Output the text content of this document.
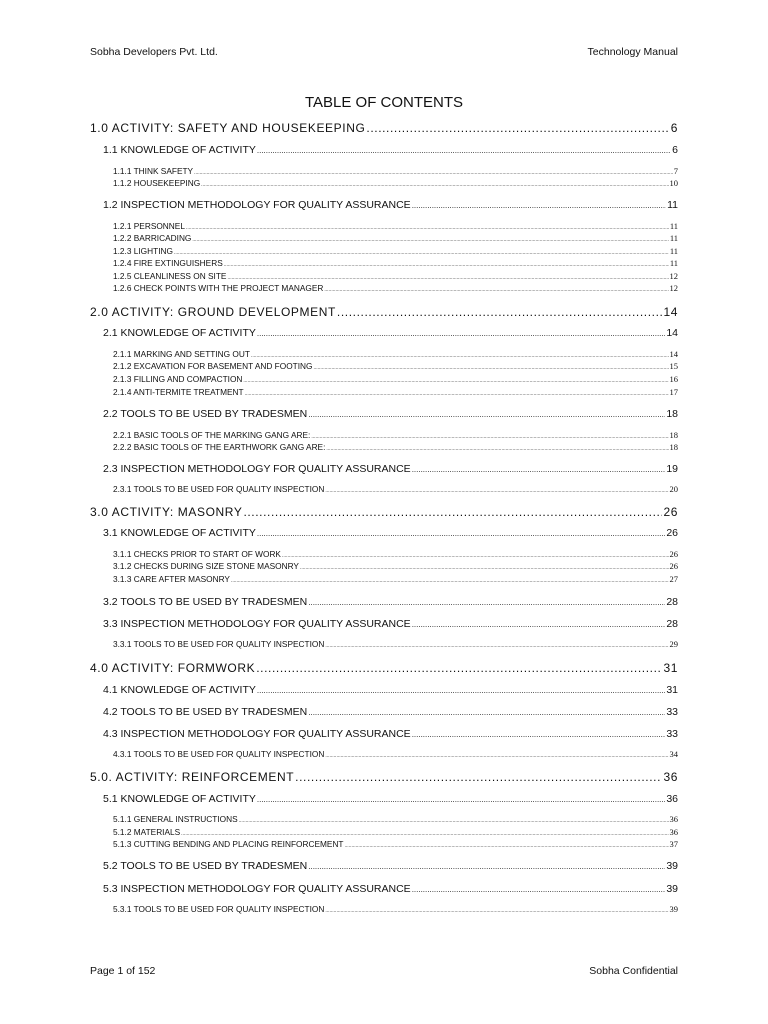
Sobha Developers Pvt. Ltd.	Technology Manual
TABLE OF CONTENTS
1.0 ACTIVITY: SAFETY AND HOUSEKEEPING .....	6
1.1 KNOWLEDGE OF ACTIVITY .....	6
1.1.1 THINK SAFETY .....	7
1.1.2 HOUSEKEEPING .....	10
1.2 INSPECTION METHODOLOGY FOR QUALITY ASSURANCE .....	11
1.2.1 PERSONNEL .....	11
1.2.2 BARRICADING .....	11
1.2.3 LIGHTING .....	11
1.2.4 FIRE EXTINGUISHERS .....	11
1.2.5 CLEANLINESS ON SITE .....	12
1.2.6 CHECK POINTS WITH THE PROJECT MANAGER .....	12
2.0 ACTIVITY: GROUND DEVELOPMENT .....	14
2.1 KNOWLEDGE OF ACTIVITY .....	14
2.1.1 MARKING AND SETTING OUT .....	14
2.1.2 EXCAVATION FOR BASEMENT AND FOOTING .....	15
2.1.3 FILLING AND COMPACTION .....	16
2.1.4 ANTI-TERMITE TREATMENT .....	17
2.2 TOOLS TO BE USED BY TRADESMEN .....	18
2.2.1 BASIC TOOLS OF THE MARKING GANG ARE: .....	18
2.2.2 BASIC TOOLS OF THE EARTHWORK GANG ARE: .....	18
2.3 INSPECTION METHODOLOGY FOR QUALITY ASSURANCE .....	19
2.3.1 TOOLS TO BE USED FOR QUALITY INSPECTION .....	20
3.0 ACTIVITY: MASONRY .....	26
3.1 KNOWLEDGE OF ACTIVITY .....	26
3.1.1 CHECKS PRIOR TO START OF WORK .....	26
3.1.2 CHECKS DURING SIZE STONE MASONRY .....	26
3.1.3 CARE AFTER MASONRY .....	27
3.2 TOOLS TO BE USED BY TRADESMEN .....	28
3.3 INSPECTION METHODOLOGY FOR QUALITY ASSURANCE .....	28
3.3.1 TOOLS TO BE USED FOR QUALITY INSPECTION .....	29
4.0 ACTIVITY: FORMWORK .....	31
4.1 KNOWLEDGE OF ACTIVITY .....	31
4.2 TOOLS TO BE USED BY TRADESMEN .....	33
4.3 INSPECTION METHODOLOGY FOR QUALITY ASSURANCE .....	33
4.3.1 TOOLS TO BE USED FOR QUALITY INSPECTION .....	34
5.0. ACTIVITY: REINFORCEMENT .....	36
5.1 KNOWLEDGE OF ACTIVITY .....	36
5.1.1 GENERAL INSTRUCTIONS .....	36
5.1.2 MATERIALS .....	36
5.1.3 CUTTING BENDING AND PLACING REINFORCEMENT .....	37
5.2 TOOLS TO BE USED BY TRADESMEN .....	39
5.3 INSPECTION METHODOLOGY FOR QUALITY ASSURANCE .....	39
5.3.1 TOOLS TO BE USED FOR QUALITY INSPECTION .....	39
Page 1 of 152	Sobha Confidential
